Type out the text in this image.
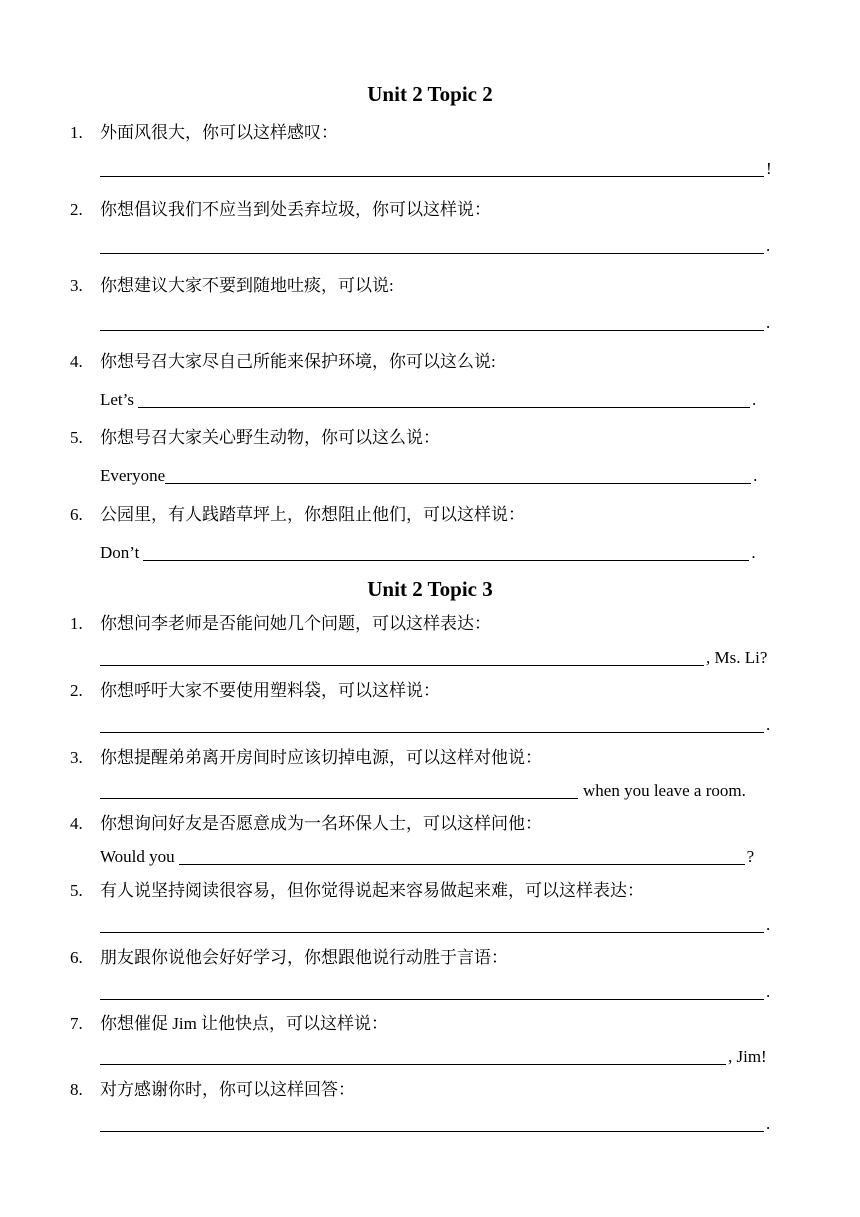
Unit 2 Topic 2
1. 外面风很大，你可以这样感叹：
!
2. 你想倡议我们不应当到处丢弃垃圾，你可以这样说：
.
3. 你想建议大家不要到随地吐痰，可以说:
.
4. 你想号召大家尽自己所能来保护环境，你可以这么说:
Let’s	.
5. 你想号召大家关心野生动物，你可以这么说：
Everyone	.
6. 公园里，有人践踏草坪上，你想阻止他们，可以这样说：
Don’t	.
Unit 2 Topic 3
1. 你想问李老师是否能问她几个问题，可以这样表达：
, Ms. Li?
2. 你想呼吁大家不要使用塑料袋，可以这样说：
.
3. 你想提醒弟弟离开房间时应该切掉电源，可以这样对他说：
when you leave a room.
4. 你想询问好友是否愿意成为一名环保人士，可以这样问他：
Would you	?
5. 有人说坚持阅读很容易，但你觉得说起来容易做起来难，可以这样表达：
.
6. 朋友跟你说他会好好学习，你想跟他说行动胜于言语：
.
7. 你想催促 Jim 让他快点，可以这样说：
, Jim!
8. 对方感谢你时，你可以这样回答：
.
